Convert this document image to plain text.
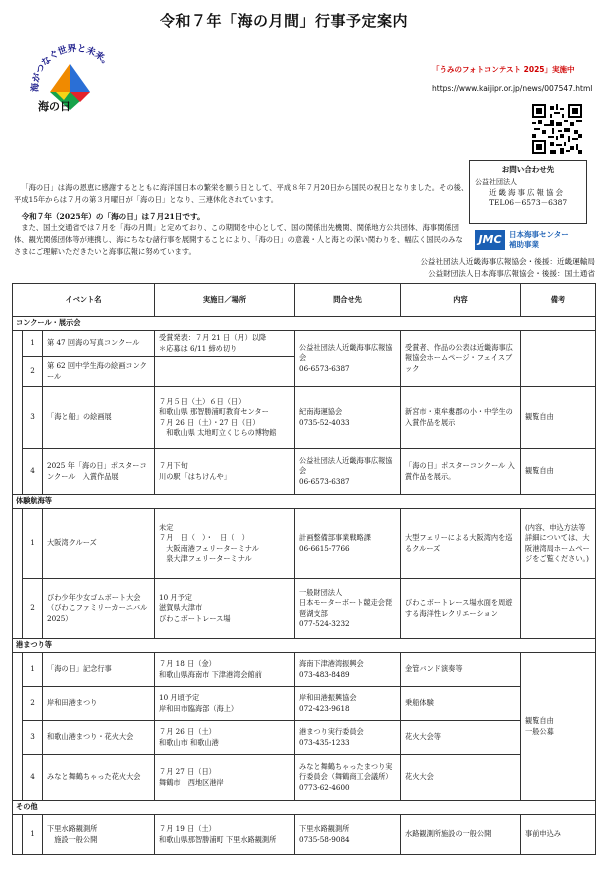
令和７年「海の月間」行事予定案内
海がつなぐ世界と未来。
海の日
「うみのフォトコンテスト 2025」実施中
https://www.kaijipr.or.jp/news/007547.html
お問い合わせ先
公益社団法人
近畿海事広報協会
TEL06－6573－6387
JMC 日本海事センター
補助事業
「海の日」は海の恩恵に感謝するとともに海洋国日本の繁栄を願う日として、平成８年７月20日から国民の祝日となりました。その後、平成15年からは７月の第３月曜日が「海の日」となり、三連休化されています。
令和７年（2025年）の「海の日」は７月21日です。
また、国土交通省では７月を「海の月間」と定めており、この期間を中心として、国の関係出先機関、関係地方公共団体、海事関係団体、観光関係団体等が連携し、海にちなむ諸行事を展開することにより、「海の日」の意義・人と海との深い関わりを、幅広く国民のみなさまにご理解いただきたいと海事広報に努めています。
公益社団法人近畿海事広報協会・後援：近畿運輸局
公益財団法人日本海事広報協会・後援：国土通省
イベント名			実施日／場所	問合せ先	内容	備考
コンクール・展示会						
	1	第 47 回海の写真コンクール	受賞発表：７月 21 日（月）以降
＊応募は 6/11 締め切り	公益社団法人近畿海事広報協会
06-6573-6387	受賞者、作品の公表は近畿海事広報協会ホームページ・フェイスブック	
	2	第 62 回中学生海の絵画コンクール				
	3	「海と船」の絵画展	７月５日（土）６日（日）
和歌山県 那智勝浦町教育センター
７月 26 日（土）・27 日（日）
　和歌山県 太地町立くじらの博物館	紀南海運協会
0735-52-4033	新宮市・東牟婁郡の小・中学生の入賞作品を展示	観覧自由
	4	2025 年「海の日」ポスターコンクール　入賞作品展	７月下旬
川の駅「はちけんや」	公益社団法人近畿海事広報協会
06-6573-6387	「海の日」ポスターコンクール 入賞作品を展示。	観覧自由
体験航海等						
	1	大阪湾クルーズ	未定
７月　日（　）・　日（　）
　大阪南港フェリーターミナル
　泉大津フェリーターミナル	計画整備部事業戦略課
06-6615-7766	大型フェリーによる大阪湾内を巡るクルーズ	(内容、申込方法等詳細については、大阪港湾局ホームページをご覧ください。)
	2	びわ少年少女ゴムボート大会（びわこファミリーカーニバル 2025）	10 月予定
滋賀県大津市
びわこボートレース場	一般財団法人
日本モーターボート競走会琵琶湖支部
077-524-3232	びわこボートレース場水面を周遊する海洋性レクリエーション	
港まつり等						
	1	「海の日」記念行事	７月 18 日（金）
和歌山県海南市 下津港湾会館前	海南下津港湾振興会
073-483-8489	金管バンド演奏等	観覧自由
一般公募
	2	岸和田港まつり	10 月頃予定
岸和田市臨海部（海上）	岸和田港振興協会
072-423-9618	乗船体験	
	3	和歌山港まつり・花火大会	７月 26 日（土）
和歌山市 和歌山港	港まつり実行委員会
073-435-1233	花火大会等	
	4	みなと舞鶴ちゃった花火大会	７月 27 日（日）
舞鶴市　西地区港岸	みなと舞鶴ちゃったまつり実行委員会（舞鶴商工会議所）
0773-62-4600	花火大会	
その他						
	1	下里水路観測所
　施設一般公開	７月 19 日（土）
和歌山県那智勝浦町 下里水路観測所	下里水路観測所
0735-58-9084	水路観測所施設の一般公開	事前申込み
